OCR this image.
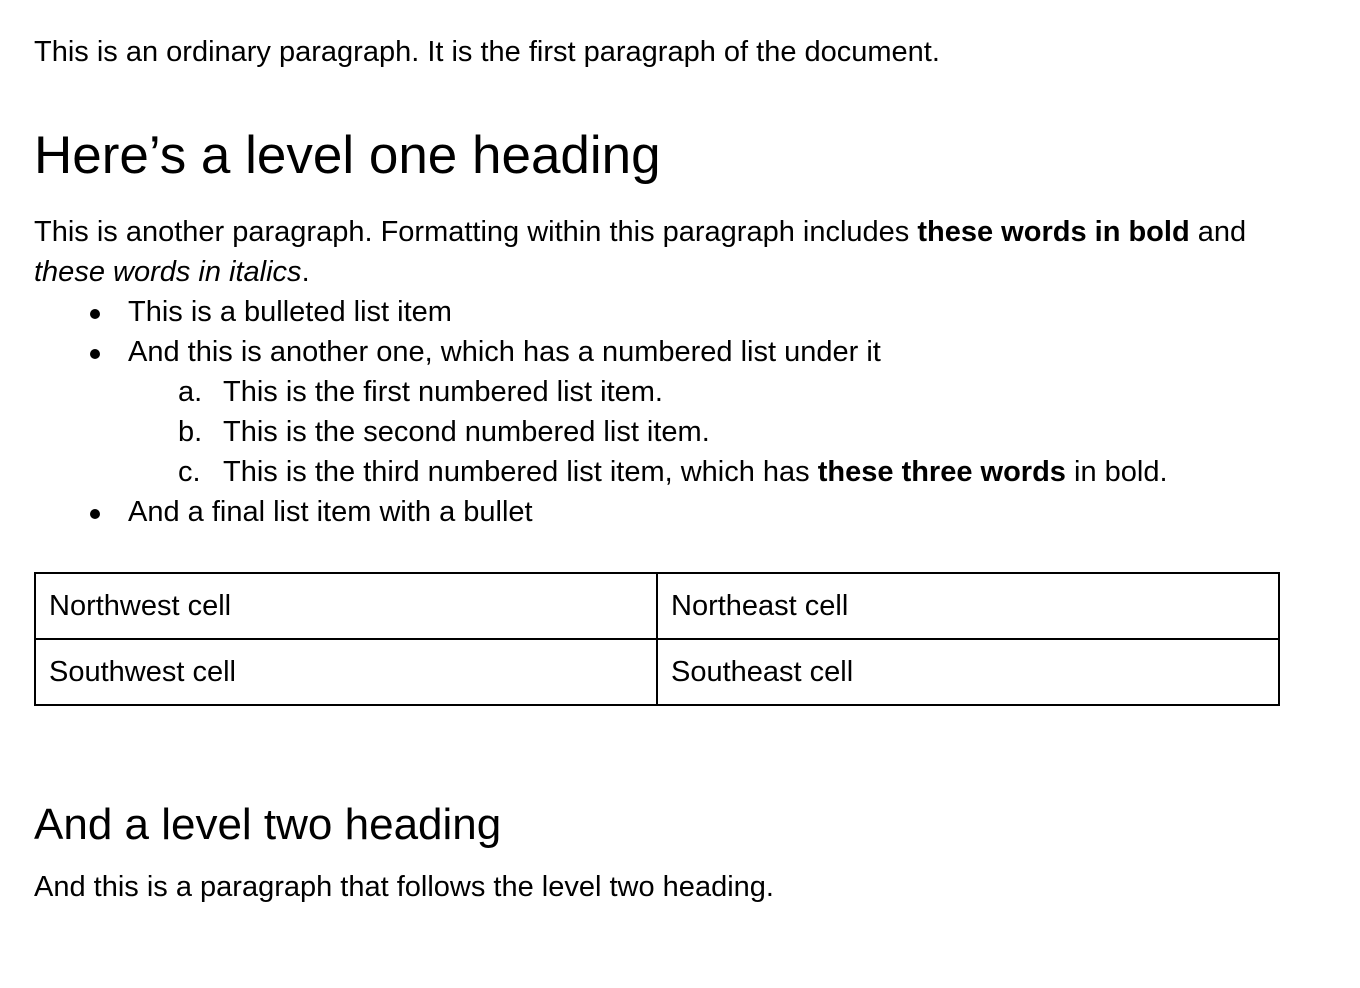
This is an ordinary paragraph. It is the first paragraph of the document.

Here’s a level one heading

This is another paragraph. Formatting within this paragraph includes these words in bold and
these words in italics.

This is a bulleted list item
And this is another one, which has a numbered list under it
a. This is the first numbered list item.
b. This is the second numbered list item.
c. This is the third numbered list item, which has these three words in bold.
And a final list item with a bullet
Northwest cell	Northeast cell
Southwest cell	Southeast cell
And a level two heading

And this is a paragraph that follows the level two heading.
